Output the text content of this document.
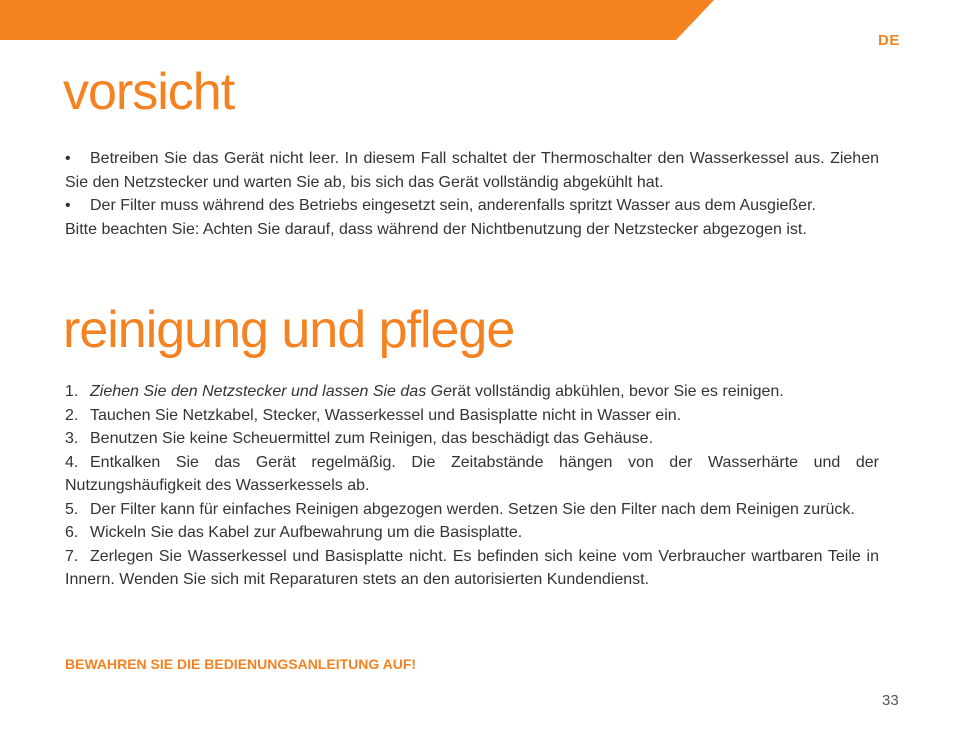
DE
vorsicht

• Betreiben Sie das Gerät nicht leer. In diesem Fall schaltet der Thermoschalter den Wasserkessel aus. Ziehen Sie den Netzstecker und warten Sie ab, bis sich das Gerät vollständig abgekühlt hat.

• Der Filter muss während des Betriebs eingesetzt sein, anderenfalls spritzt Wasser aus dem Ausgießer.

Bitte beachten Sie: Achten Sie darauf, dass während der Nichtbenutzung der Netzstecker abgezogen ist.

reinigung und pflege

1. Ziehen Sie den Netzstecker und lassen Sie das Gerät vollständig abkühlen, bevor Sie es reinigen.

2. Tauchen Sie Netzkabel, Stecker, Wasserkessel und Basisplatte nicht in Wasser ein.

3. Benutzen Sie keine Scheuermittel zum Reinigen, das beschädigt das Gehäuse.

4. Entkalken Sie das Gerät regelmäßig. Die Zeitabstände hängen von der Wasserhärte und der Nutzungshäufigkeit des Wasserkessels ab.

5. Der Filter kann für einfaches Reinigen abgezogen werden. Setzen Sie den Filter nach dem Reinigen zurück.

6. Wickeln Sie das Kabel zur Aufbewahrung um die Basisplatte.

7. Zerlegen Sie Wasserkessel und Basisplatte nicht. Es befinden sich keine vom Verbraucher wartbaren Teile in Innern. Wenden Sie sich mit Reparaturen stets an den autorisierten Kundendienst.

BEWAHREN SIE DIE BEDIENUNGSANLEITUNG AUF!
33
